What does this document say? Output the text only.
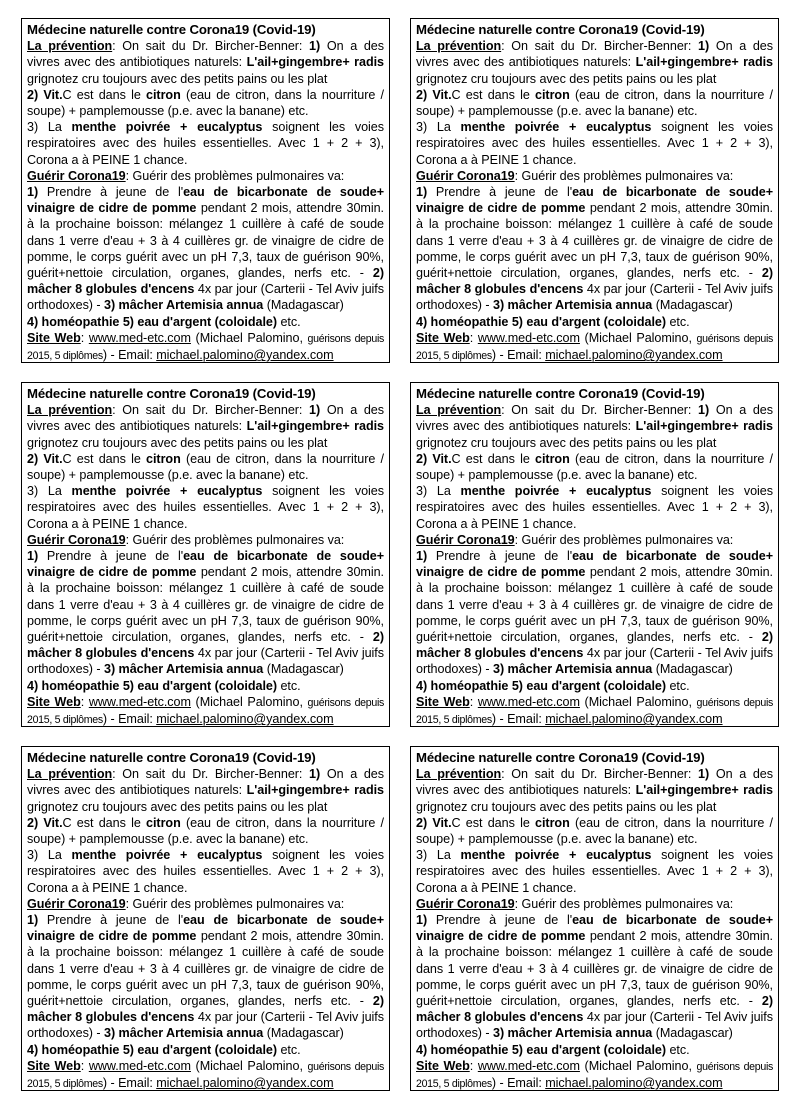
Médecine naturelle contre Corona19 (Covid-19)
La prévention: On sait du Dr. Bircher-Benner: 1) On a des vivres avec des antibiotiques naturels: L'ail+gingembre+ radis grignotez cru toujours avec des petits pains ou les plat
2) Vit.C est dans le citron (eau de citron, dans la nourriture / soupe) + pamplemousse (p.e. avec la banane) etc.
3) La menthe poivrée + eucalyptus soignent les voies respiratoires avec des huiles essentielles. Avec 1 + 2 + 3), Corona a à PEINE 1 chance.
Guérir Corona19: Guérir des problèmes pulmonaires va:
1) Prendre à jeune de l'eau de bicarbonate de soude+ vinaigre de cidre de pomme pendant 2 mois, attendre 30min. à la prochaine boisson: mélangez 1 cuillère à café de soude dans 1 verre d'eau + 3 à 4 cuillères gr. de vinaigre de cidre de pomme, le corps guérit avec un pH 7,3, taux de guérison 90%, guérit+nettoie circulation, organes, glandes, nerfs etc. - 2) mâcher 8 globules d'encens 4x par jour (Carterii - Tel Aviv juifs orthodoxes) - 3) mâcher Artemisia annua (Madagascar)
4) homéopathie 5) eau d'argent (coloidale) etc.
Site Web: www.med-etc.com (Michael Palomino, guérisons depuis 2015, 5 diplômes) - Email: michael.palomino@yandex.com
Médecine naturelle contre Corona19 (Covid-19)
La prévention: On sait du Dr. Bircher-Benner: 1) On a des vivres avec des antibiotiques naturels: L'ail+gingembre+ radis grignotez cru toujours avec des petits pains ou les plat
2) Vit.C est dans le citron (eau de citron, dans la nourriture / soupe) + pamplemousse (p.e. avec la banane) etc.
3) La menthe poivrée + eucalyptus soignent les voies respiratoires avec des huiles essentielles. Avec 1 + 2 + 3), Corona a à PEINE 1 chance.
Guérir Corona19: Guérir des problèmes pulmonaires va:
1) Prendre à jeune de l'eau de bicarbonate de soude+ vinaigre de cidre de pomme pendant 2 mois, attendre 30min. à la prochaine boisson: mélangez 1 cuillère à café de soude dans 1 verre d'eau + 3 à 4 cuillères gr. de vinaigre de cidre de pomme, le corps guérit avec un pH 7,3, taux de guérison 90%, guérit+nettoie circulation, organes, glandes, nerfs etc. - 2) mâcher 8 globules d'encens 4x par jour (Carterii - Tel Aviv juifs orthodoxes) - 3) mâcher Artemisia annua (Madagascar)
4) homéopathie 5) eau d'argent (coloidale) etc.
Site Web: www.med-etc.com (Michael Palomino, guérisons depuis 2015, 5 diplômes) - Email: michael.palomino@yandex.com
Médecine naturelle contre Corona19 (Covid-19)
La prévention: On sait du Dr. Bircher-Benner: 1) On a des vivres avec des antibiotiques naturels: L'ail+gingembre+ radis grignotez cru toujours avec des petits pains ou les plat
2) Vit.C est dans le citron (eau de citron, dans la nourriture / soupe) + pamplemousse (p.e. avec la banane) etc.
3) La menthe poivrée + eucalyptus soignent les voies respiratoires avec des huiles essentielles. Avec 1 + 2 + 3), Corona a à PEINE 1 chance.
Guérir Corona19: Guérir des problèmes pulmonaires va:
1) Prendre à jeune de l'eau de bicarbonate de soude+ vinaigre de cidre de pomme pendant 2 mois, attendre 30min. à la prochaine boisson: mélangez 1 cuillère à café de soude dans 1 verre d'eau + 3 à 4 cuillères gr. de vinaigre de cidre de pomme, le corps guérit avec un pH 7,3, taux de guérison 90%, guérit+nettoie circulation, organes, glandes, nerfs etc. - 2) mâcher 8 globules d'encens 4x par jour (Carterii - Tel Aviv juifs orthodoxes) - 3) mâcher Artemisia annua (Madagascar)
4) homéopathie 5) eau d'argent (coloidale) etc.
Site Web: www.med-etc.com (Michael Palomino, guérisons depuis 2015, 5 diplômes) - Email: michael.palomino@yandex.com
Médecine naturelle contre Corona19 (Covid-19)
La prévention: On sait du Dr. Bircher-Benner: 1) On a des vivres avec des antibiotiques naturels: L'ail+gingembre+ radis grignotez cru toujours avec des petits pains ou les plat
2) Vit.C est dans le citron (eau de citron, dans la nourriture / soupe) + pamplemousse (p.e. avec la banane) etc.
3) La menthe poivrée + eucalyptus soignent les voies respiratoires avec des huiles essentielles. Avec 1 + 2 + 3), Corona a à PEINE 1 chance.
Guérir Corona19: Guérir des problèmes pulmonaires va:
1) Prendre à jeune de l'eau de bicarbonate de soude+ vinaigre de cidre de pomme pendant 2 mois, attendre 30min. à la prochaine boisson: mélangez 1 cuillère à café de soude dans 1 verre d'eau + 3 à 4 cuillères gr. de vinaigre de cidre de pomme, le corps guérit avec un pH 7,3, taux de guérison 90%, guérit+nettoie circulation, organes, glandes, nerfs etc. - 2) mâcher 8 globules d'encens 4x par jour (Carterii - Tel Aviv juifs orthodoxes) - 3) mâcher Artemisia annua (Madagascar)
4) homéopathie 5) eau d'argent (coloidale) etc.
Site Web: www.med-etc.com (Michael Palomino, guérisons depuis 2015, 5 diplômes) - Email: michael.palomino@yandex.com
Médecine naturelle contre Corona19 (Covid-19)
La prévention: On sait du Dr. Bircher-Benner: 1) On a des vivres avec des antibiotiques naturels: L'ail+gingembre+ radis grignotez cru toujours avec des petits pains ou les plat
2) Vit.C est dans le citron (eau de citron, dans la nourriture / soupe) + pamplemousse (p.e. avec la banane) etc.
3) La menthe poivrée + eucalyptus soignent les voies respiratoires avec des huiles essentielles. Avec 1 + 2 + 3), Corona a à PEINE 1 chance.
Guérir Corona19: Guérir des problèmes pulmonaires va:
1) Prendre à jeune de l'eau de bicarbonate de soude+ vinaigre de cidre de pomme pendant 2 mois, attendre 30min. à la prochaine boisson: mélangez 1 cuillère à café de soude dans 1 verre d'eau + 3 à 4 cuillères gr. de vinaigre de cidre de pomme, le corps guérit avec un pH 7,3, taux de guérison 90%, guérit+nettoie circulation, organes, glandes, nerfs etc. - 2) mâcher 8 globules d'encens 4x par jour (Carterii - Tel Aviv juifs orthodoxes) - 3) mâcher Artemisia annua (Madagascar)
4) homéopathie 5) eau d'argent (coloidale) etc.
Site Web: www.med-etc.com (Michael Palomino, guérisons depuis 2015, 5 diplômes) - Email: michael.palomino@yandex.com
Médecine naturelle contre Corona19 (Covid-19)
La prévention: On sait du Dr. Bircher-Benner: 1) On a des vivres avec des antibiotiques naturels: L'ail+gingembre+ radis grignotez cru toujours avec des petits pains ou les plat
2) Vit.C est dans le citron (eau de citron, dans la nourriture / soupe) + pamplemousse (p.e. avec la banane) etc.
3) La menthe poivrée + eucalyptus soignent les voies respiratoires avec des huiles essentielles. Avec 1 + 2 + 3), Corona a à PEINE 1 chance.
Guérir Corona19: Guérir des problèmes pulmonaires va:
1) Prendre à jeune de l'eau de bicarbonate de soude+ vinaigre de cidre de pomme pendant 2 mois, attendre 30min. à la prochaine boisson: mélangez 1 cuillère à café de soude dans 1 verre d'eau + 3 à 4 cuillères gr. de vinaigre de cidre de pomme, le corps guérit avec un pH 7,3, taux de guérison 90%, guérit+nettoie circulation, organes, glandes, nerfs etc. - 2) mâcher 8 globules d'encens 4x par jour (Carterii - Tel Aviv juifs orthodoxes) - 3) mâcher Artemisia annua (Madagascar)
4) homéopathie 5) eau d'argent (coloidale) etc.
Site Web: www.med-etc.com (Michael Palomino, guérisons depuis 2015, 5 diplômes) - Email: michael.palomino@yandex.com
